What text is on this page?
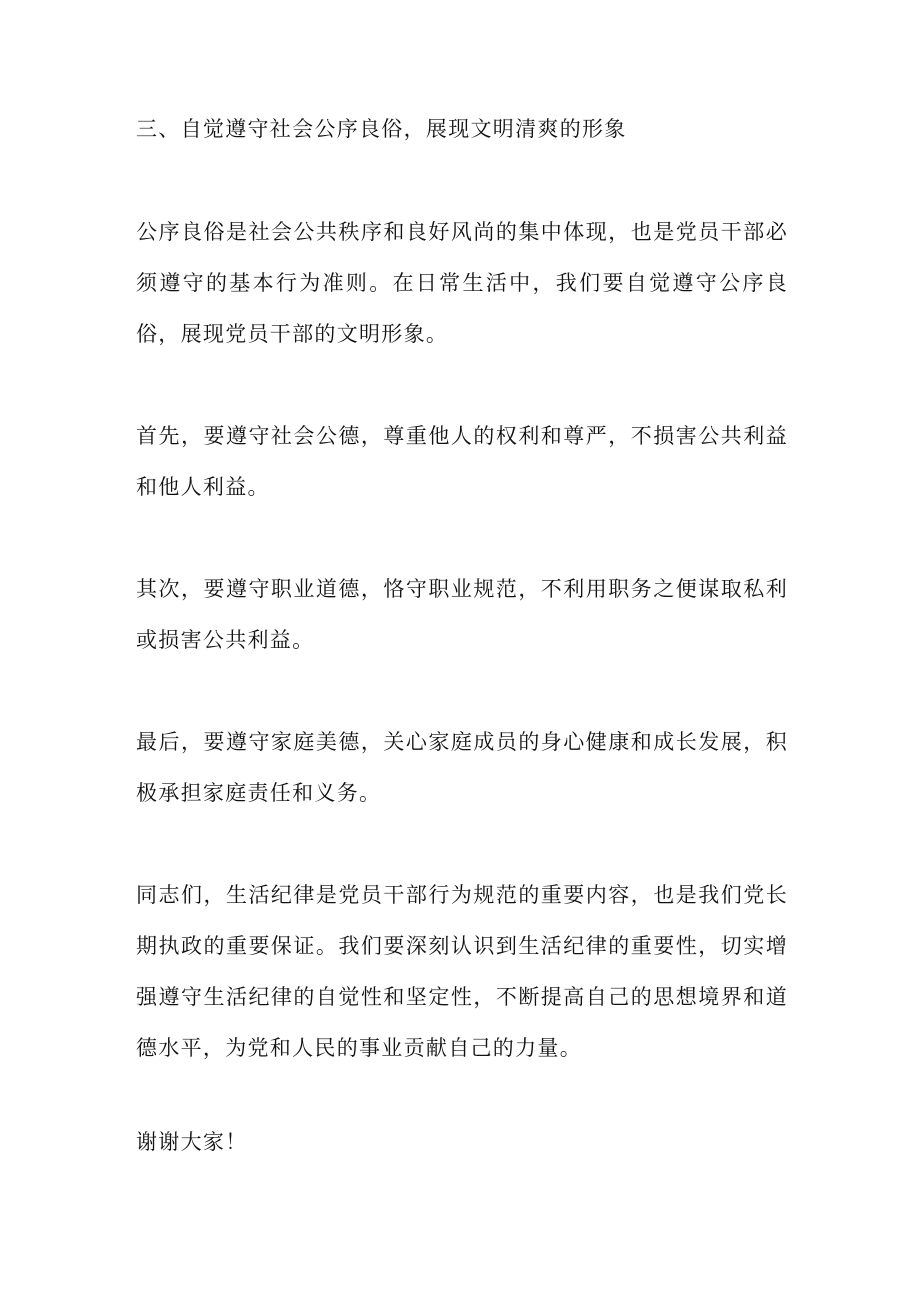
三、自觉遵守社会公序良俗，展现文明清爽的形象

公序良俗是社会公共秩序和良好风尚的集中体现，也是党员干部必须遵守的基本行为准则。在日常生活中，我们要自觉遵守公序良俗，展现党员干部的文明形象。

首先，要遵守社会公德，尊重他人的权利和尊严，不损害公共利益和他人利益。

其次，要遵守职业道德，恪守职业规范，不利用职务之便谋取私利或损害公共利益。

最后，要遵守家庭美德，关心家庭成员的身心健康和成长发展，积极承担家庭责任和义务。

同志们，生活纪律是党员干部行为规范的重要内容，也是我们党长期执政的重要保证。我们要深刻认识到生活纪律的重要性，切实增强遵守生活纪律的自觉性和坚定性，不断提高自己的思想境界和道德水平，为党和人民的事业贡献自己的力量。

谢谢大家！
